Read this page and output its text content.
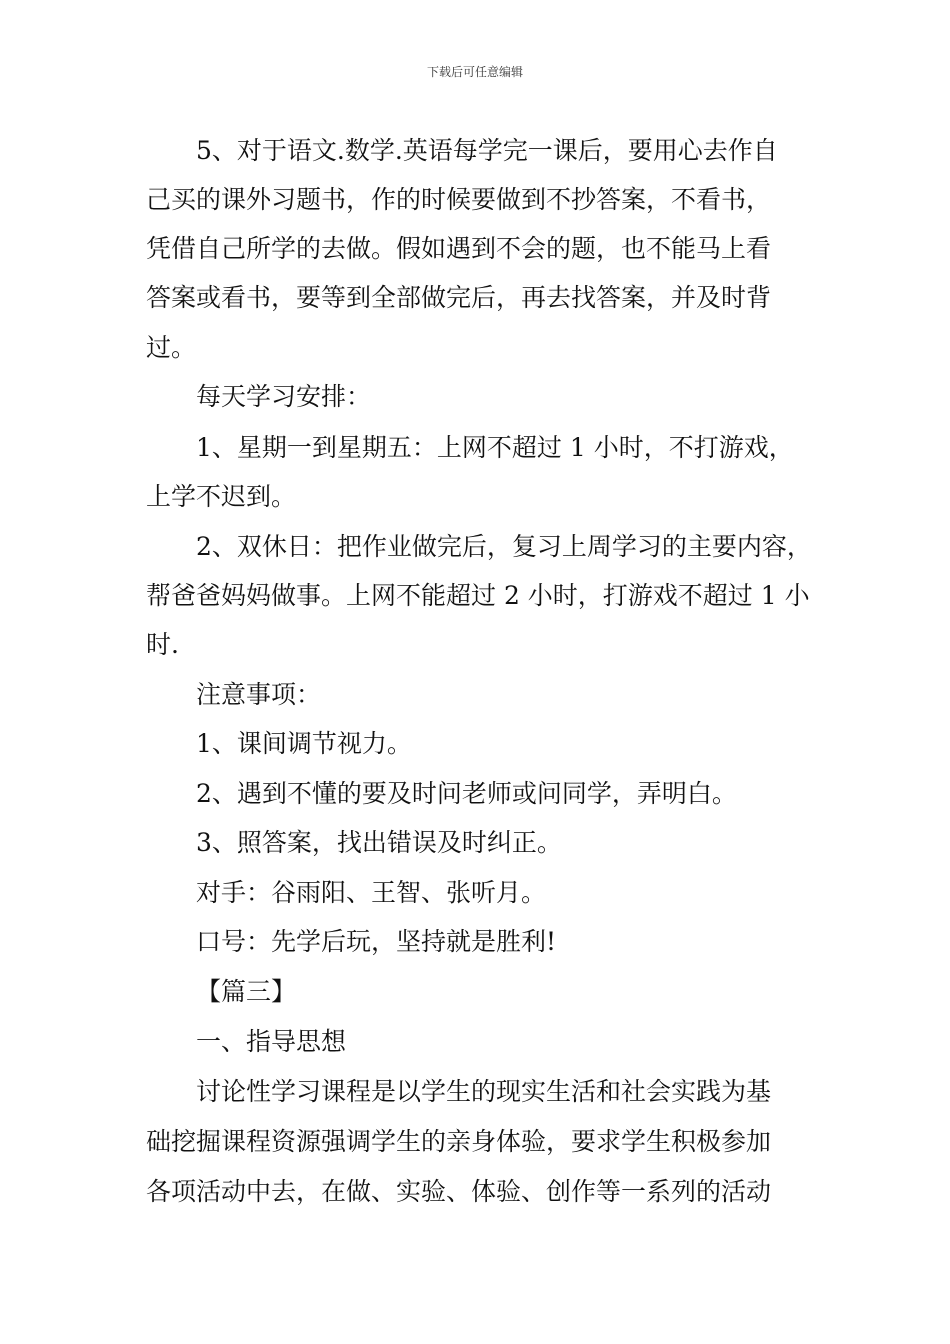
下载后可任意编辑
5、对于语文.数学.英语每学完一课后，要用心去作自
己买的课外习题书，作的时候要做到不抄答案，不看书，
凭借自己所学的去做。假如遇到不会的题，也不能马上看
答案或看书，要等到全部做完后，再去找答案，并及时背
过。
每天学习安排：
1、星期一到星期五：上网不超过 1 小时，不打游戏，
上学不迟到。
2、双休日：把作业做完后，复习上周学习的主要内容，
帮爸爸妈妈做事。上网不能超过 2 小时，打游戏不超过 1 小
时.
注意事项：
1、课间调节视力。
2、遇到不懂的要及时问老师或问同学，弄明白。
3、照答案，找出错误及时纠正。
对手：谷雨阳、王智、张听月。
口号：先学后玩，坚持就是胜利!
【篇三】
一、指导思想
讨论性学习课程是以学生的现实生活和社会实践为基
础挖掘课程资源强调学生的亲身体验，要求学生积极参加
各项活动中去，在做、实验、体验、创作等一系列的活动
